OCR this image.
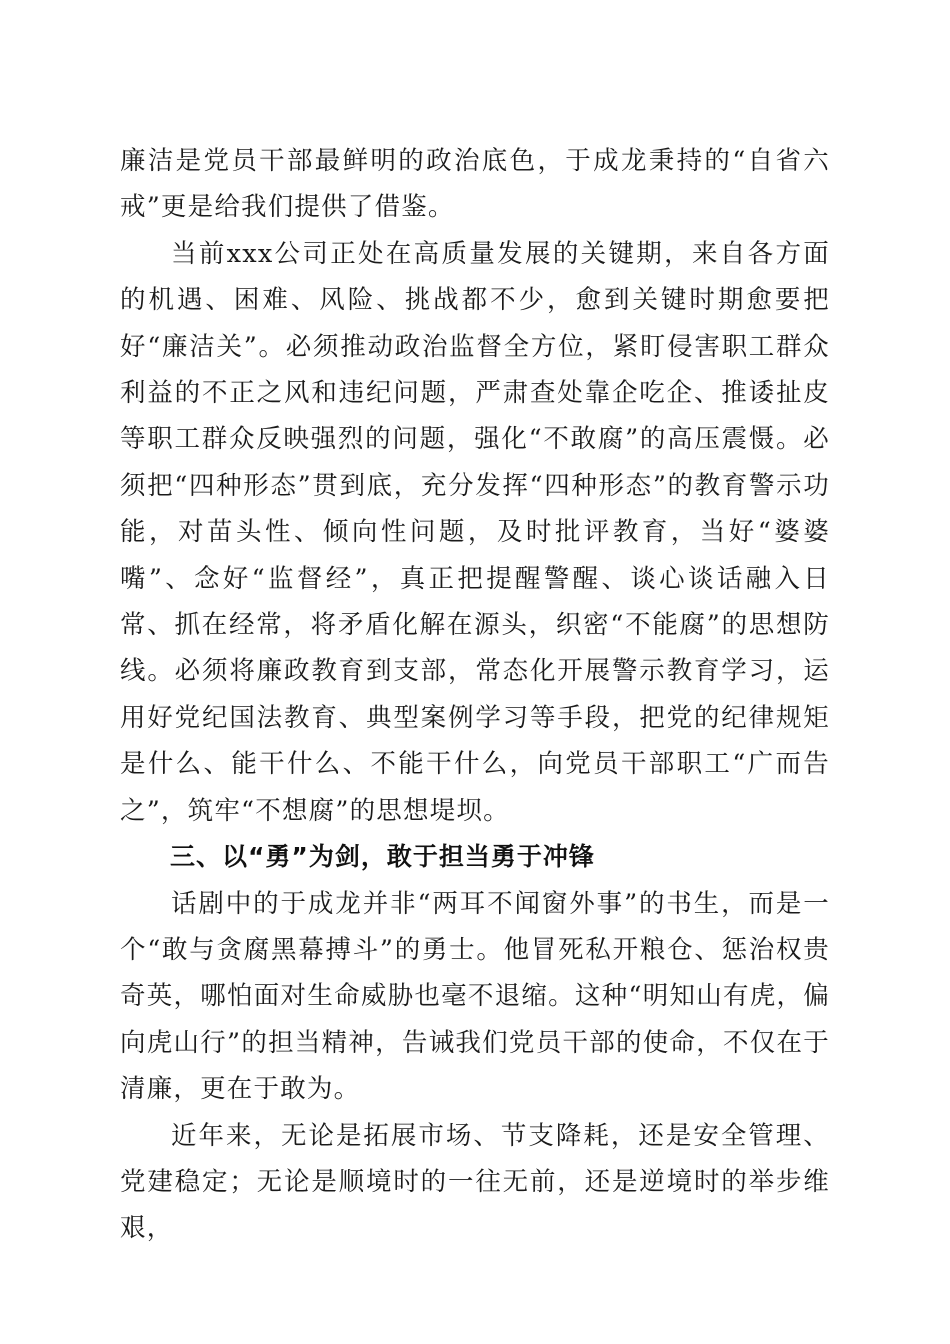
廉洁是党员干部最鲜明的政治底色，于成龙秉持的“自省六戒”更是给我们提供了借鉴。

当前xxx公司正处在高质量发展的关键期，来自各方面的机遇、困难、风险、挑战都不少，愈到关键时期愈要把好“廉洁关”。必须推动政治监督全方位，紧盯侵害职工群众利益的不正之风和违纪问题，严肃查处靠企吃企、推诿扯皮等职工群众反映强烈的问题，强化“不敢腐”的高压震慑。必须把“四种形态”贯到底，充分发挥“四种形态”的教育警示功能，对苗头性、倾向性问题，及时批评教育，当好“婆婆嘴”、念好“监督经”，真正把提醒警醒、谈心谈话融入日常、抓在经常，将矛盾化解在源头，织密“不能腐”的思想防线。必须将廉政教育到支部，常态化开展警示教育学习，运用好党纪国法教育、典型案例学习等手段，把党的纪律规矩是什么、能干什么、不能干什么，向党员干部职工“广而告之”，筑牢“不想腐”的思想堤坝。

三、以“勇”为剑，敢于担当勇于冲锋

话剧中的于成龙并非“两耳不闻窗外事”的书生，而是一个“敢与贪腐黑幕搏斗”的勇士。他冒死私开粮仓、惩治权贵奇英，哪怕面对生命威胁也毫不退缩。这种“明知山有虎，偏向虎山行”的担当精神，告诫我们党员干部的使命，不仅在于清廉，更在于敢为。

近年来，无论是拓展市场、节支降耗，还是安全管理、党建稳定；无论是顺境时的一往无前，还是逆境时的举步维艰，
